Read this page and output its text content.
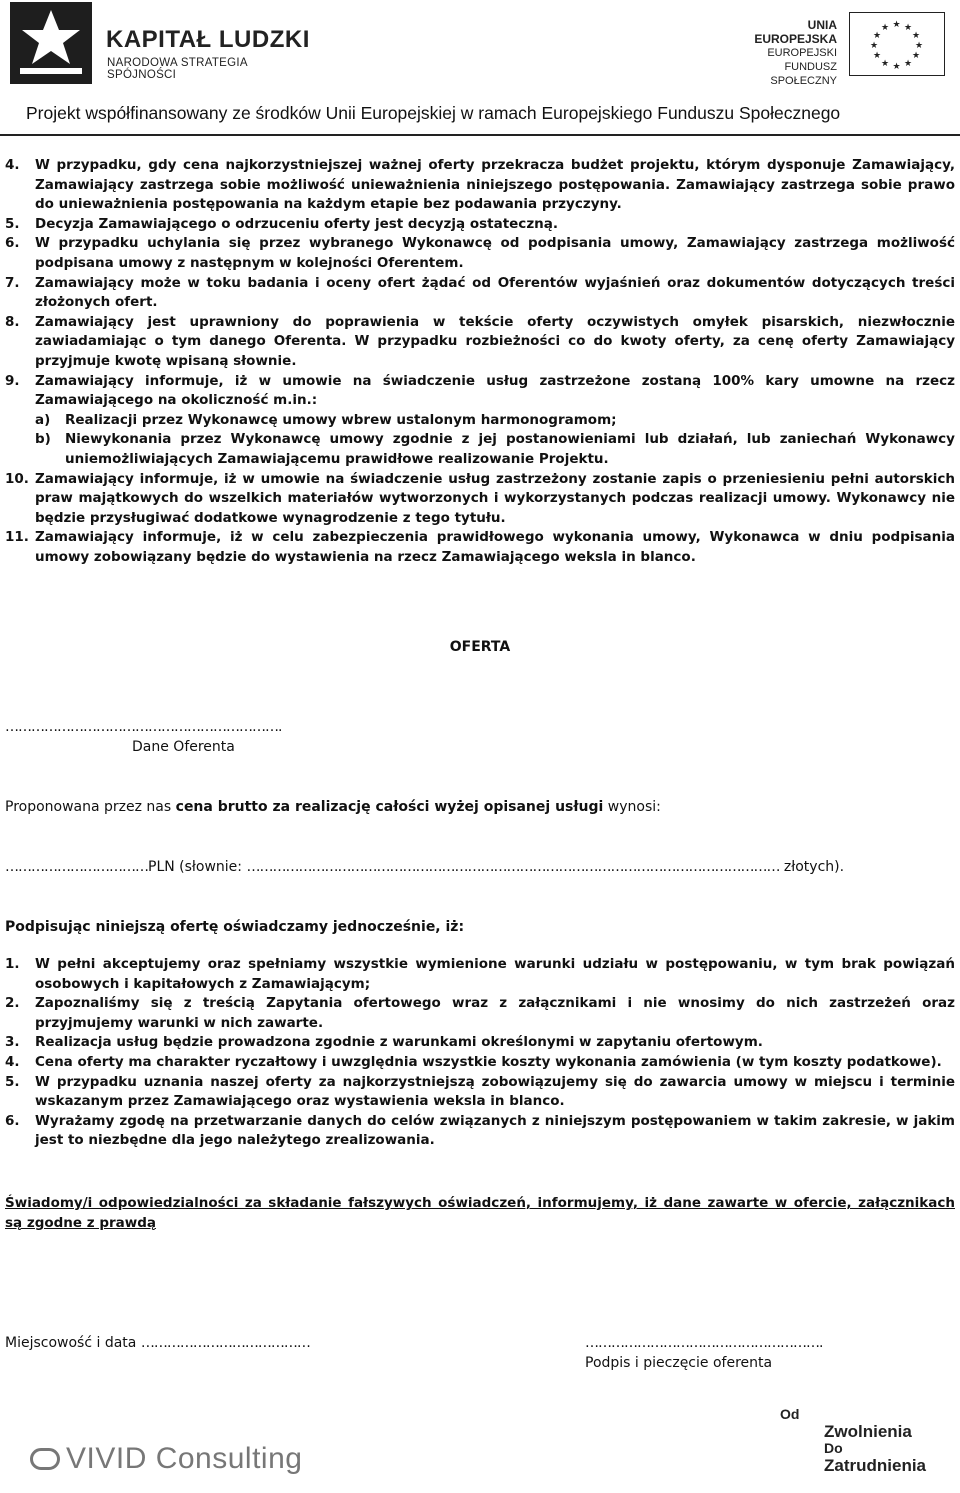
KAPITAŁ LUDZKI
NARODOWA STRATEGIA SPÓJNOŚCI
UNIA EUROPEJSKA
EUROPEJSKI
FUNDUSZ SPOŁECZNY
★ ★
★
★
★
★
★
★
★
★
★
★
Projekt współfinansowany ze środków Unii Europejskiej w ramach Europejskiego Funduszu Społecznego
4.	W przypadku, gdy cena najkorzystniejszej ważnej oferty przekracza budżet projektu, którym dysponuje Zamawiający, Zamawiający zastrzega sobie możliwość unieważnienia niniejszego postępowania. Zamawiający zastrzega sobie prawo do unieważnienia postępowania na każdym etapie bez podawania przyczyny.
5.	Decyzja Zamawiającego o odrzuceniu oferty jest decyzją ostateczną.
6.	W przypadku uchylania się przez wybranego Wykonawcę od podpisania umowy, Zamawiający zastrzega możliwość podpisana umowy z następnym w kolejności Oferentem.
7.	Zamawiający może w toku badania i oceny ofert żądać od Oferentów wyjaśnień oraz dokumentów dotyczących treści złożonych ofert.
8.	Zamawiający jest uprawniony do poprawienia w tekście oferty oczywistych omyłek pisarskich, niezwłocznie zawiadamiając o tym danego Oferenta. W przypadku rozbieżności co do kwoty oferty, za cenę oferty Zamawiający przyjmuje kwotę wpisaną słownie.
9.	Zamawiający informuje, iż w umowie na świadczenie usług zastrzeżone zostaną 100% kary umowne na rzecz Zamawiającego na okoliczność m.in.:
a)	Realizacji przez Wykonawcę umowy wbrew ustalonym harmonogramom;
b)	Niewykonania przez Wykonawcę umowy zgodnie z jej postanowieniami lub działań, lub zaniechań Wykonawcy uniemożliwiających Zamawiającemu prawidłowe realizowanie Projektu.
10. Zamawiający informuje, iż w umowie na świadczenie usług zastrzeżony zostanie zapis o przeniesieniu pełni autorskich praw majątkowych do wszelkich materiałów wytworzonych i wykorzystanych podczas realizacji umowy. Wykonawcy nie będzie przysługiwać dodatkowe wynagrodzenie z tego tytułu.
11. Zamawiający informuje, iż w celu zabezpieczenia prawidłowego wykonania umowy, Wykonawca w dniu podpisania umowy zobowiązany będzie do wystawienia na rzecz Zamawiającego weksla in blanco.
OFERTA
……………………………………………………….
Dane Oferenta
Proponowana przez nas cena brutto za realizację całości wyżej opisanej usługi wynosi:
……………………………PLN (słownie: …………………………………………………………………………………………………………… złotych).
Podpisując niniejszą ofertę oświadczamy jednocześnie, iż:
1.	W pełni akceptujemy oraz spełniamy wszystkie wymienione warunki udziału w postępowaniu, w tym brak powiązań osobowych i kapitałowych z Zamawiającym;
2.	Zapoznaliśmy się z treścią Zapytania ofertowego wraz z załącznikami i nie wnosimy do nich zastrzeżeń oraz przyjmujemy warunki w nich zawarte.
3.	Realizacja usług będzie prowadzona zgodnie z warunkami określonymi w zapytaniu ofertowym.
4.	Cena oferty ma charakter ryczałtowy i uwzględnia wszystkie koszty wykonania zamówienia (w tym koszty podatkowe).
5.	W przypadku uznania naszej oferty za najkorzystniejszą zobowiązujemy się do zawarcia umowy w miejscu i terminie wskazanym przez Zamawiającego oraz wystawienia weksla in blanco.
6.	Wyrażamy zgodę na przetwarzanie danych do celów związanych z niniejszym postępowaniem w takim zakresie, w jakim jest to niezbędne dla jego należytego zrealizowania.
Świadomy/i odpowiedzialności za składanie fałszywych oświadczeń, informujemy, iż dane zawarte w ofercie, załącznikach są zgodne z prawdą
Miejscowość i data …………………………………	……………………………………………….
Podpis i pieczęcie oferenta
VIVID Consulting
Od
Zwolnienia
Do
Zatrudnienia
